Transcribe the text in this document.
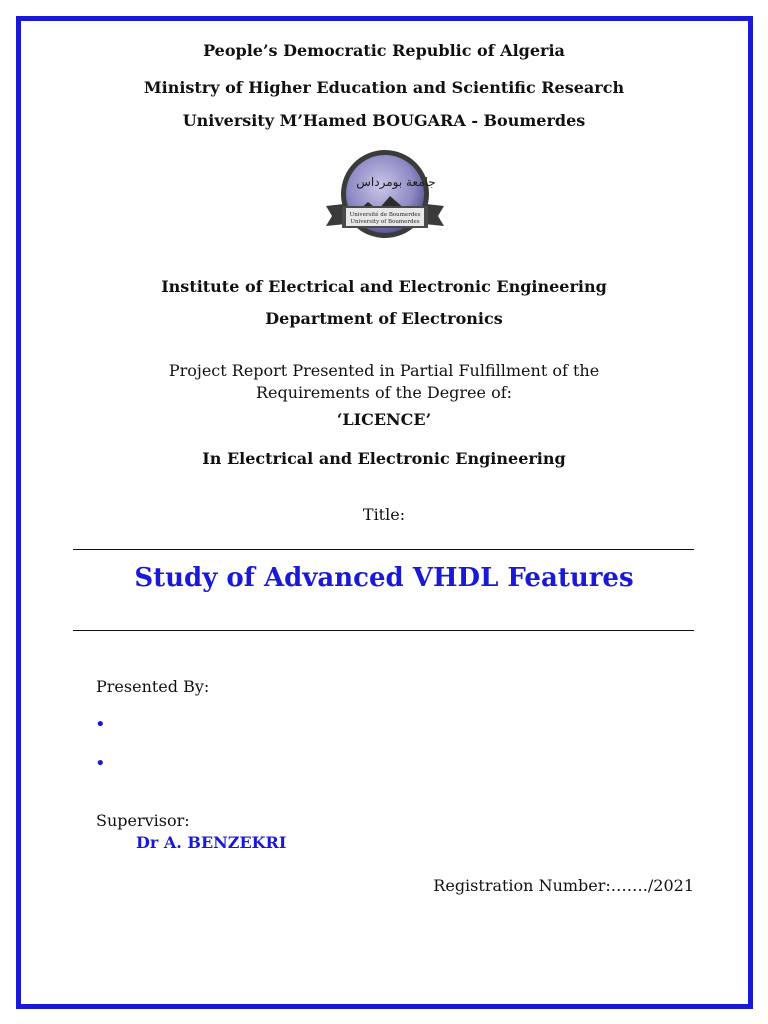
People’s Democratic Republic of Algeria
Ministry of Higher Education and Scientific Research
University M’Hamed BOUGARA - Boumerdes
جامعة بومرداس
Université de Boumerdes
University of Boumerdes
Institute of Electrical and Electronic Engineering
Department of Electronics
Project Report Presented in Partial Fulfillment of the
Requirements of the Degree of:
‘LICENCE’
In Electrical and Electronic Engineering
Title:
Study of Advanced VHDL Features
Presented By:
•
•
Supervisor:
Dr A. BENZEKRI
Registration Number:……./2021
